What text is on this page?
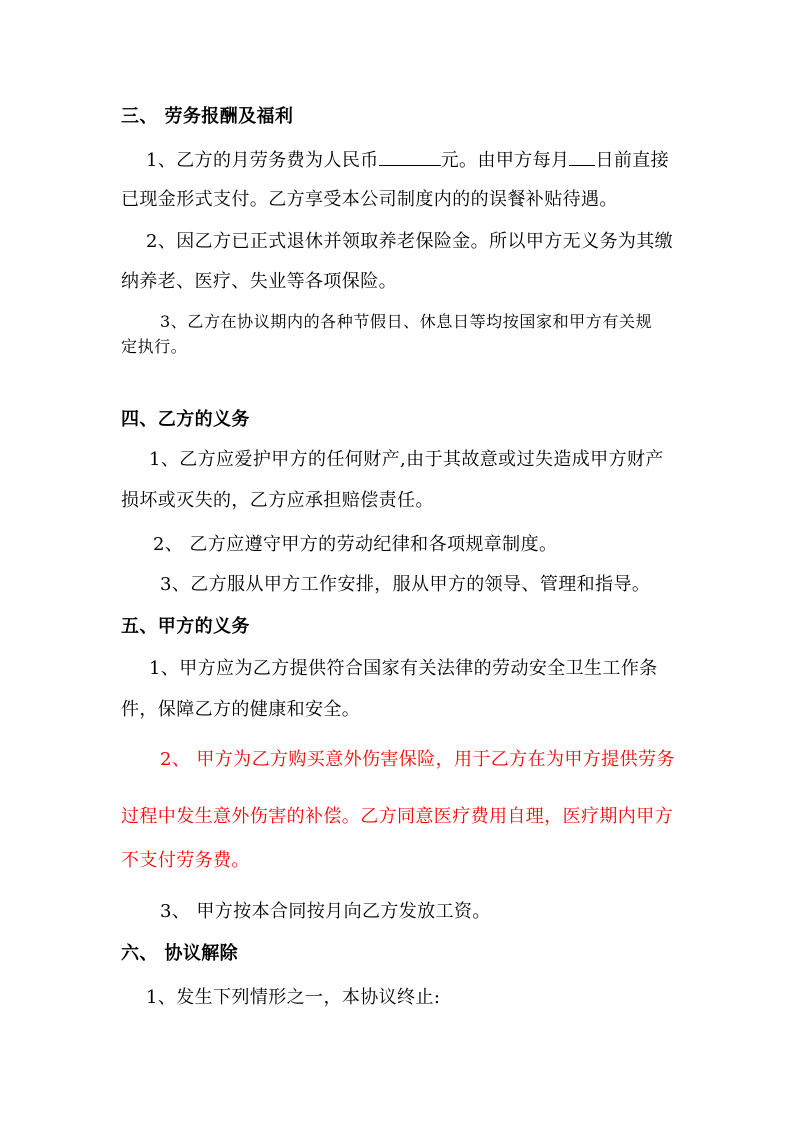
三、 劳务报酬及福利
1、乙方的月劳务费为人民币	元。由甲方每月 日前直接
已现金形式支付。乙方享受本公司制度内的的误餐补贴待遇。
2、因乙方已正式退休并领取养老保险金。所以甲方无义务为其缴
纳养老、医疗、失业等各项保险。
3、乙方在协议期内的各种节假日、休息日等均按国家和甲方有关规
定执行。
四、乙方的义务
1、乙方应爱护甲方的任何财产,由于其故意或过失造成甲方财产
损坏或灭失的，乙方应承担赔偿责任。
2、 乙方应遵守甲方的劳动纪律和各项规章制度。
3、乙方服从甲方工作安排，服从甲方的领导、管理和指导。
五、甲方的义务
1、甲方应为乙方提供符合国家有关法律的劳动安全卫生工作条
件，保障乙方的健康和安全。
2、 甲方为乙方购买意外伤害保险，用于乙方在为甲方提供劳务
过程中发生意外伤害的补偿。乙方同意医疗费用自理，医疗期内甲方
不支付劳务费。
3、 甲方按本合同按月向乙方发放工资。
六、 协议解除
1、发生下列情形之一，本协议终止:
